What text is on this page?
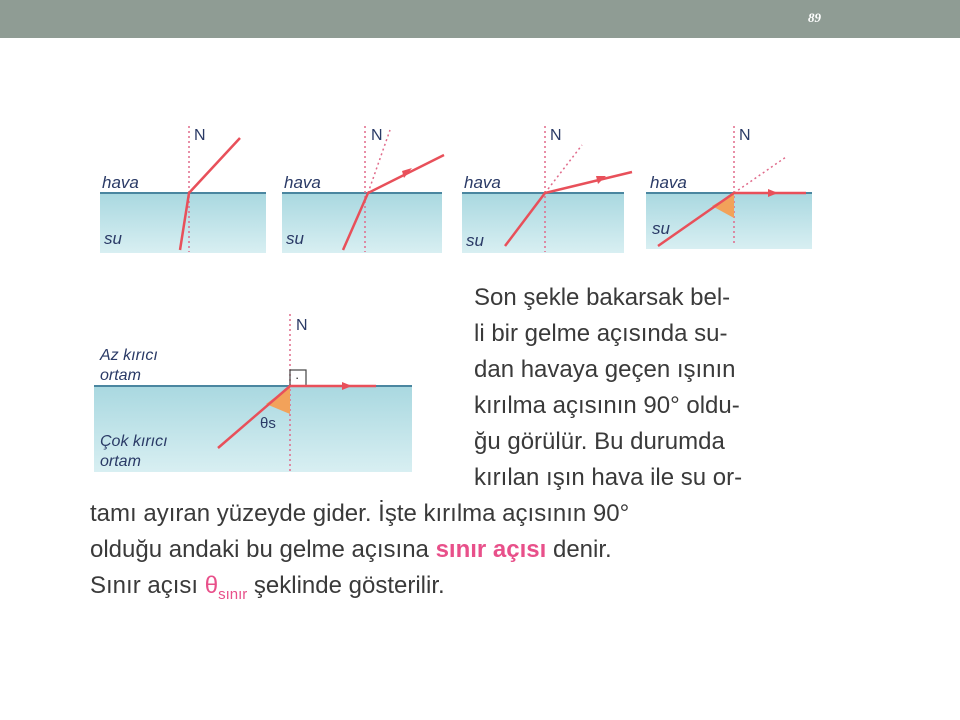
89
N
hava
su
N
hava
su
N
hava
su
N
hava
su
·
N
Az kırıcı
ortam
Çok kırıcı
ortam
θs
Son şekle bakarsak bel-
li bir gelme açısında su-
dan havaya geçen ışının
kırılma açısının 90° oldu-
ğu görülür. Bu durumda
kırılan ışın hava ile su or-
tamı ayıran yüzeyde gider. İşte kırılma açısının 90°
olduğu andaki bu gelme açısına sınır açısı denir.
Sınır açısı $\theta_{sınır}$ şeklinde gösterilir.
